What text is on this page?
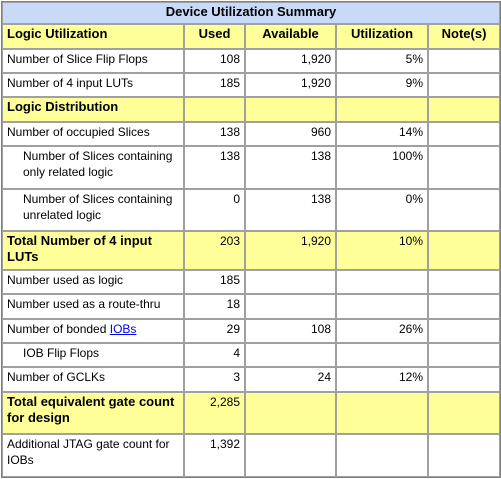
Device Utilization Summary				
Logic Utilization	Used	Available	Utilization	Note(s)
Number of Slice Flip Flops	108	1,920	5%	
Number of 4 input LUTs	185	1,920	9%	
Logic Distribution				
Number of occupied Slices	138	960	14%	
Number of Slices containing only related logic	138	138	100%	
Number of Slices containing unrelated logic	0	138	0%	
Total Number of 4 input LUTs	203	1,920	10%	
Number used as logic	185			
Number used as a route-thru	18			
Number of bonded IOBs	29	108	26%	
IOB Flip Flops	4			
Number of GCLKs	3	24	12%	
Total equivalent gate count for design	2,285			
Additional JTAG gate count for IOBs	1,392			
